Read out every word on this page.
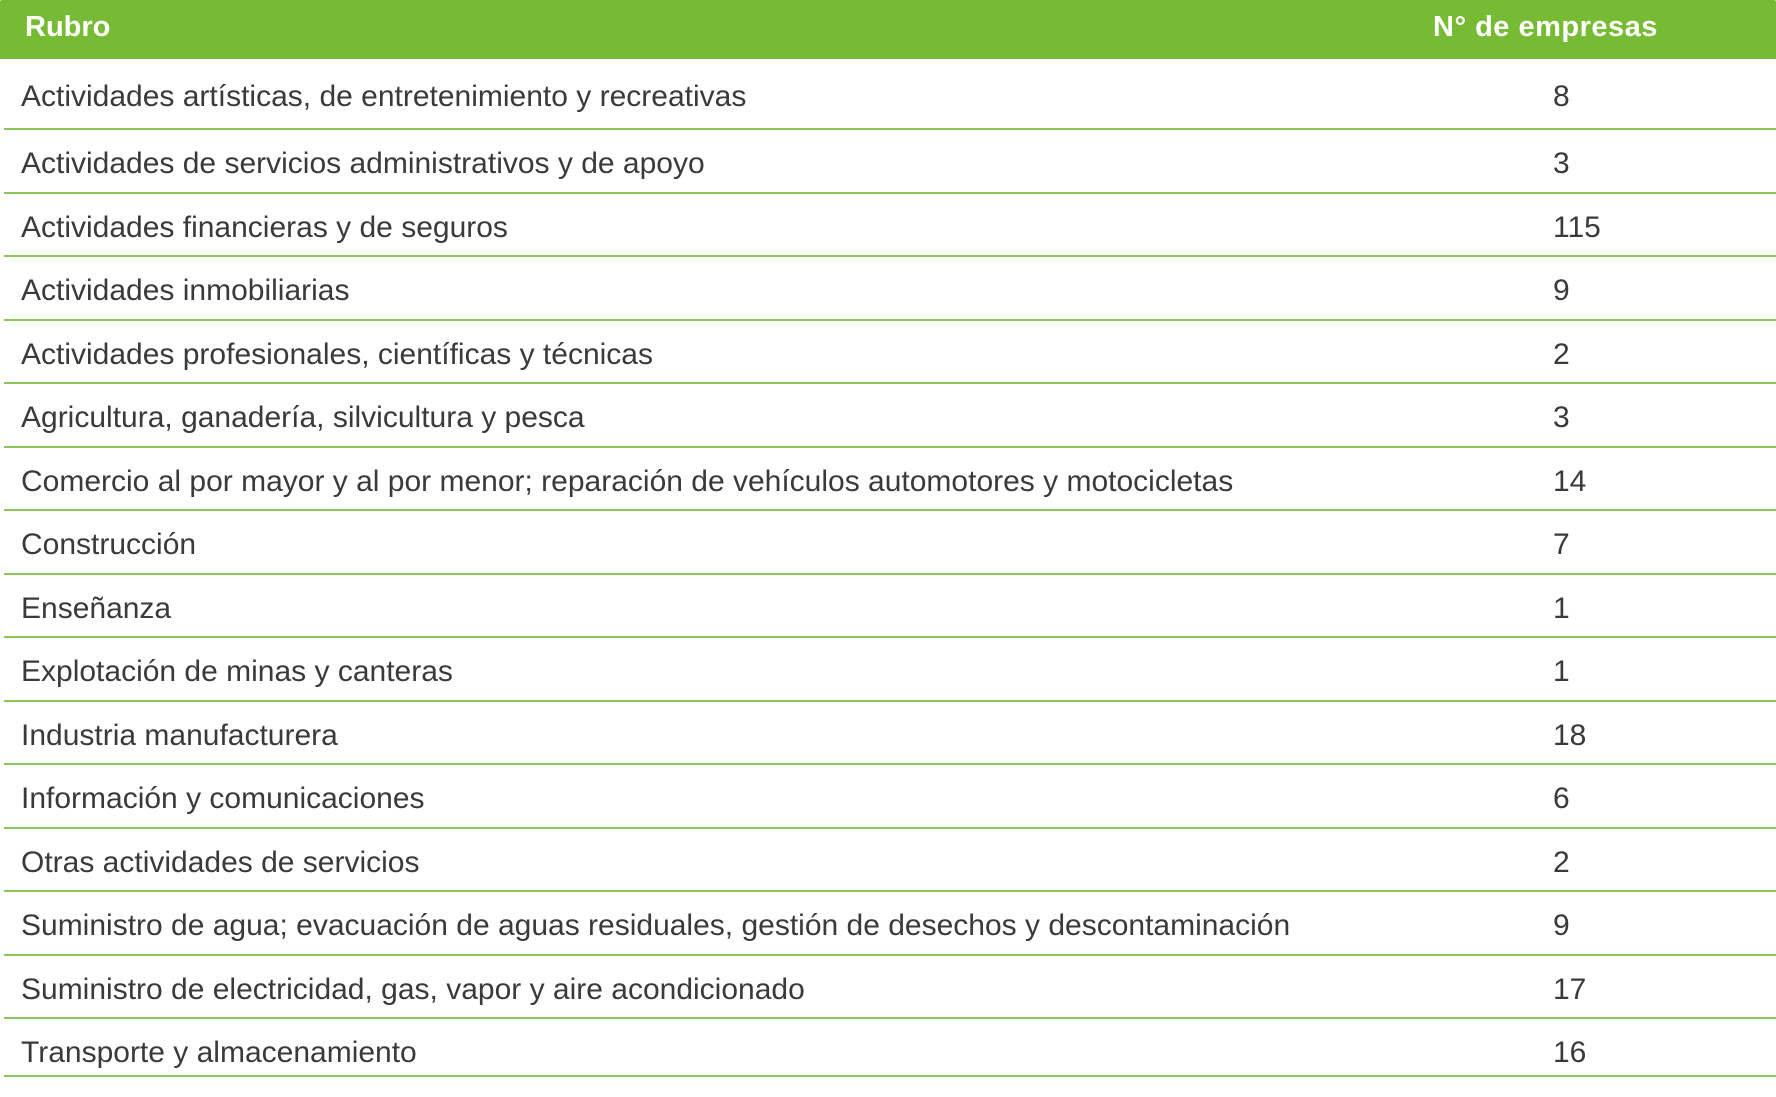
Rubro	N° de empresas
Actividades artísticas, de entretenimiento y recreativas	8
Actividades de servicios administrativos y de apoyo	3
Actividades financieras y de seguros	115
Actividades inmobiliarias	9
Actividades profesionales, científicas y técnicas	2
Agricultura, ganadería, silvicultura y pesca	3
Comercio al por mayor y al por menor; reparación de vehículos automotores y motocicletas	14
Construcción	7
Enseñanza	1
Explotación de minas y canteras	1
Industria manufacturera	18
Información y comunicaciones	6
Otras actividades de servicios	2
Suministro de agua; evacuación de aguas residuales, gestión de desechos y descontaminación	9
Suministro de electricidad, gas, vapor y aire acondicionado	17
Transporte y almacenamiento	16
